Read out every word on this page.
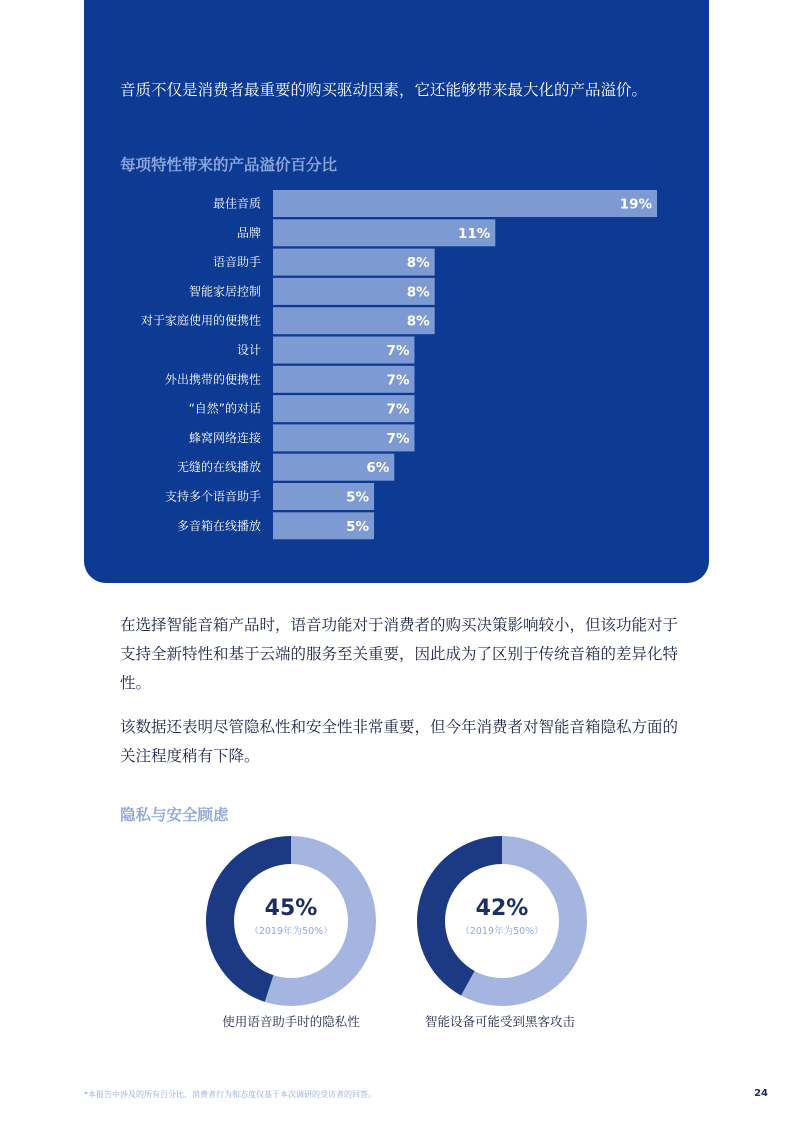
音质不仅是消费者最重要的购买驱动因素，它还能够带来最大化的产品溢价。

每项特性带来的产品溢价百分比
最佳音质	19%
品牌	11%
语音助手	8%
智能家居控制	8%
对于家庭使用的便携性	8%
设计	7%
外出携带的便携性	7%
“自然”的对话	7%
蜂窝网络连接	7%
无缝的在线播放	6%
支持多个语音助手	5%
多音箱在线播放	5%

在选择智能音箱产品时，语音功能对于消费者的购买决策影响较小，但该功能对于支持全新特性和基于云端的服务至关重要，因此成为了区别于传统音箱的差异化特性。

该数据还表明尽管隐私性和安全性非常重要，但今年消费者对智能音箱隐私方面的关注程度稍有下降。

隐私与安全顾虑
45%
（2019年为50%）
42%
（2019年为50%）
使用语音助手时的隐私性	智能设备可能受到黑客攻击

*本报告中涉及的所有百分比、消费者行为和态度仅基于本次调研的受访者的回答。	24
